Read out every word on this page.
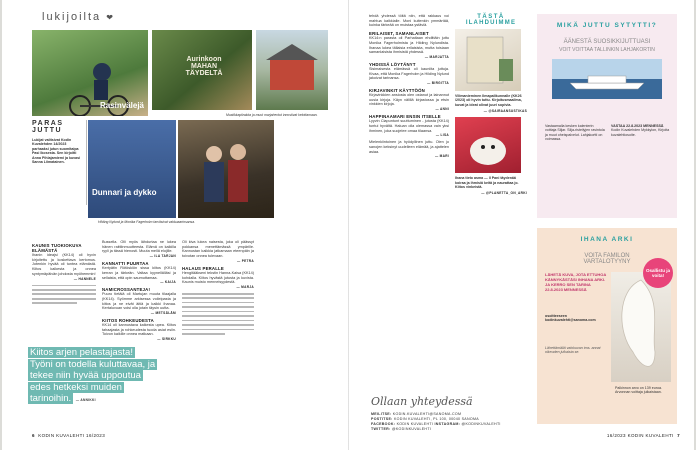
lukijoilta ❤
Rasinvälejä
Aurinkoon MAHAN TÄYDELTÄ
Mustikkapiirakka ja muut marjaherkut innostivat kelottamaan.
Dunnari ja dykko
Hilding Nylund ja Monika Fagerholm tarvitsivat vakkuaarinsansa.
PARAS
JUTTU
Lukijat valitsivat Kodin Kuvalehden 14/2023 parhaaksi jutun suomitaipa Pasi Ikosesta. Sen kirjoitti Anna Pihlajamiemi ja kuvasi Sanna Liimatainen.
KAUNIS TUOKIOKUVA ELÄMÄSTÄ
Ihanin ideajsi (KK14) oli hyvin kirjoitettu ja koskettava kertomus. Jotenkin hyvää oli tuntea elämästä. Kiitos kaikesta ja onnea syntymäpäivän johdosta myöhemmin!
— HANNELE
Bussella. Olli myös lähdurtaa ne lukea hänen raittiinmuutteesta. Elämä on kaikilla ryyli ja tässä hienosti. Muuta mellä elojille.
— ILA TARJAN
KANNATTI PUURTAA
Kertyätin Rötöskiön sissa kiitos (KK14) kerran ja tärkeän. Valtaa kyynellälläsi ja sellaista, että opin saumuttamaa.
— KAIJA
NAMICROSSANTEJA!
Puuro tietäiä oli Martujan muuta tilaajalla (KK14). Syömme arkisessa voileipasta ja kiitos ja ne eivät äitiä ja kaikki ihanaa. Kertaluvuan voisi olla jotain täysin uutta.
— METSÄLÄM
KIITOS ROHKEUDESTA
KK14 oli kannustava kaikesta upea. Kiitos tahaajasta ja rohkeudesta tuoda asiat esiin. Toivon kaikille onnea matkaan.
— SIRKKU
Oli kiva lukea naisesta, joka oli päässyt pokkansa menettämässä ympärille. Kannustan kaikkia jatkamaan eteenpäin ja toivotan onnea tulevaan.
— PETRA
HALAUS PERALLE
Hengitääkseni tekstin Hanna-Kaisa (KK14) kohdalla. Kiitos hyvästä jutusta ja kuvista. Kaunis muisto menneisyydestä.
— MARJA
Kiitos arjen pelastajasta! Työni on todella kuluttavaa, ja tekee niin hyvää uppoutua edes hetkeksi muiden tarinoihin. — ANNIKKI
6 KODIN KUVALEHTI 16/2023
tehdä yhdessä töitä niin, että rakkaus voi mahtua kaikkialle. Moni kuitenkin ymmärtää, kuinka tärkeää on muistaa ystäviä.
ERILAISET, SAMANLAISET
KK14:n parasta oli Parhaitaan ehdittäin juttu Monika Fagerholmista ja Hilding Nylundista. Ihanaa lukea tällaisia erilaisista, mutta toisiaan samanlaisista ihmisistä yhdessä.
— MARJATTA
YHDISSÄ LÖYTÄNYT
Sisimaisesta elämässä oli kauniita juttuja. Kivaa, että Monika Fagerholm ja Hilding Nylund jakoivat tarinansa.
— BIRGITTA
KIRJAVINKIT KÄYTTÖÖN
Kirjavinkkien ansiosta olen ostanut ja lainannut uusia kirjoja. Käyn välillä kirjastossa ja etsin vinkkien kirjoja.
— ANNI
HAPPINAAMARI ENSIN ITSELLE
Lyyvin Ciapuntunt suuttuminen - jutusta (KK14) tuntui hyvältä. Haluan olla olemassa vain yksi ihminen, joka suojelee omaa tilaansa.
— LISA
Mielenkiintoinen ja hyödyllinen juttu. Olen jo sanojen keksinyt uudelleen elämää, ja ajattelen asiaa.
— MARI
Ollaan yhteydessä
MEILITSE: KODIN.KUVALEHTI@SANOMA.COM
POSTITSE: KODIN KUVALEHTI, PL 100, 00040 SANOMA
FACEBOOK: KODIN KUVALEHTI INSTAGRAM: @KODINKUVALEHTI
TWITTER: @KODINKUVALEHTI
TÄSTÄ
ILAHDUIMME
Vilimanieminen Ilmapalikunnalle (KK26 /2023) oli hyvin tuttu. Kirjoitusmaailma, kuvat ja ideat olivat juuri sopivia.
— @SAIRAANSUSTIKAS
Ihana tieto asma — Il Pani täydenää koiraa ja ihmisiä keitä ja naurattaa jo. Kiitos vinkeistä.
— @PLANETTA_ON_ARKI
MIKÄ JUTTU SYTYTTI?
ÄÄNESTÄ SUOSIKKIJUTTUASI
VOIT VOITTAA TALLINKIN LAHJAKORTIN
Vastaamalla kesken kalenterin voittaja Siljar. Silja-risteilyjen ravintola ja muut oheispalvelut. Lahjakortti on voimassa.
VASTAA 22.8.2023 MENNESSÄ
Kodin Kuvalehden Mykkylon, Kirjoita kuvalehtiosoite.
IHANA ARKI
VOITA FAMILON
VARTALOTYYNY
LÄHETÄ KUVA, JOTA ETTUHOA KÄNNYKÄSTÄSI INHANA ARKI. JA KERRO SEN TARINA 22.8.2023 MENNESSÄ
osoitteeseen kodinkuvalehti@sanoma.com
Osallistu ja voita!
Lähettämällä valokuvan tms. annat oikeuden julkaista se.
Palkinnon arvo on 139 euroa. Arvonnan voittaja julkaistaan.
16/2023 KODIN KUVALEHTI 7
